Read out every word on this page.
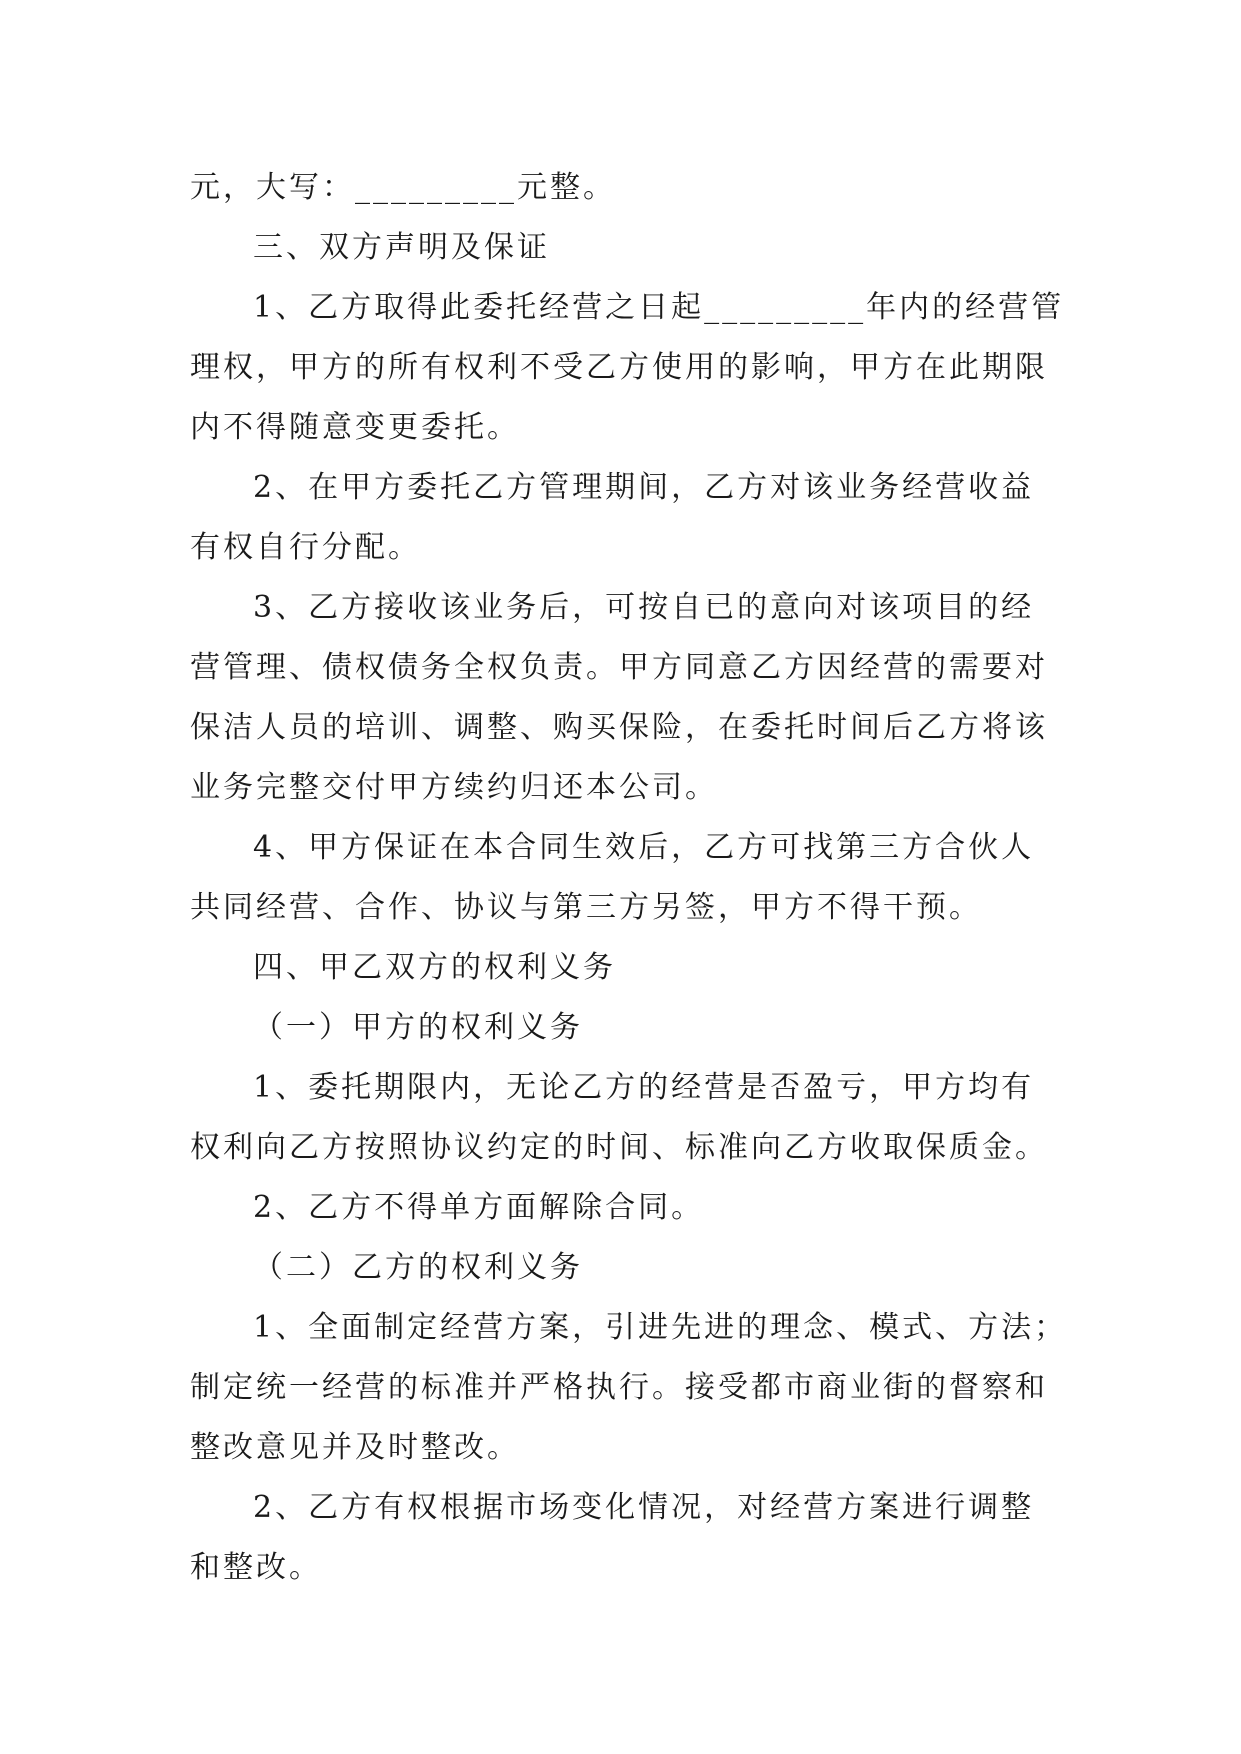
元，大写：_________元整。
三、双方声明及保证
1、乙方取得此委托经营之日起_________年内的经营管
理权，甲方的所有权利不受乙方使用的影响，甲方在此期限
内不得随意变更委托。
2、在甲方委托乙方管理期间，乙方对该业务经营收益
有权自行分配。
3、乙方接收该业务后，可按自已的意向对该项目的经
营管理、债权债务全权负责。甲方同意乙方因经营的需要对
保洁人员的培训、调整、购买保险，在委托时间后乙方将该
业务完整交付甲方续约归还本公司。
4、甲方保证在本合同生效后，乙方可找第三方合伙人
共同经营、合作、协议与第三方另签，甲方不得干预。
四、甲乙双方的权利义务
（一）甲方的权利义务
1、委托期限内，无论乙方的经营是否盈亏，甲方均有
权利向乙方按照协议约定的时间、标准向乙方收取保质金。
2、乙方不得单方面解除合同。
（二）乙方的权利义务
1、全面制定经营方案，引进先进的理念、模式、方法；
制定统一经营的标准并严格执行。接受都市商业街的督察和
整改意见并及时整改。
2、乙方有权根据市场变化情况，对经营方案进行调整
和整改。
